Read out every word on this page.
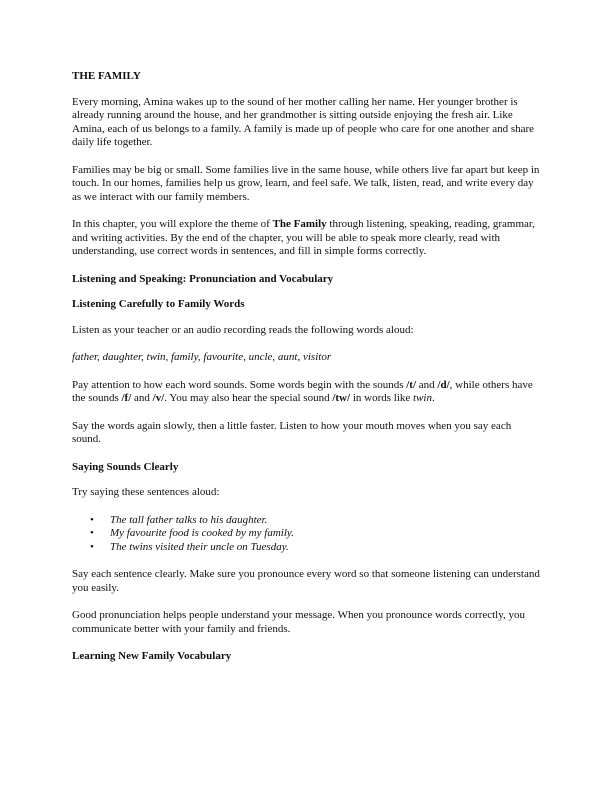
THE FAMILY

Every morning, Amina wakes up to the sound of her mother calling her name. Her younger brother is already running around the house, and her grandmother is sitting outside enjoying the fresh air. Like Amina, each of us belongs to a family. A family is made up of people who care for one another and share daily life together.

Families may be big or small. Some families live in the same house, while others live far apart but keep in touch. In our homes, families help us grow, learn, and feel safe. We talk, listen, read, and write every day as we interact with our family members.

In this chapter, you will explore the theme of The Family through listening, speaking, reading, grammar, and writing activities. By the end of the chapter, you will be able to speak more clearly, read with understanding, use correct words in sentences, and fill in simple forms correctly.

Listening and Speaking: Pronunciation and Vocabulary
Listening Carefully to Family Words

Listen as your teacher or an audio recording reads the following words aloud:

father, daughter, twin, family, favourite, uncle, aunt, visitor

Pay attention to how each word sounds. Some words begin with the sounds /t/ and /d/, while others have the sounds /f/ and /v/. You may also hear the special sound /tw/ in words like twin.

Say the words again slowly, then a little faster. Listen to how your mouth moves when you say each sound.

Saying Sounds Clearly

Try saying these sentences aloud:

• The tall father talks to his daughter.
• My favourite food is cooked by my family.
• The twins visited their uncle on Tuesday.

Say each sentence clearly. Make sure you pronounce every word so that someone listening can understand you easily.

Good pronunciation helps people understand your message. When you pronounce words correctly, you communicate better with your family and friends.

Learning New Family Vocabulary
